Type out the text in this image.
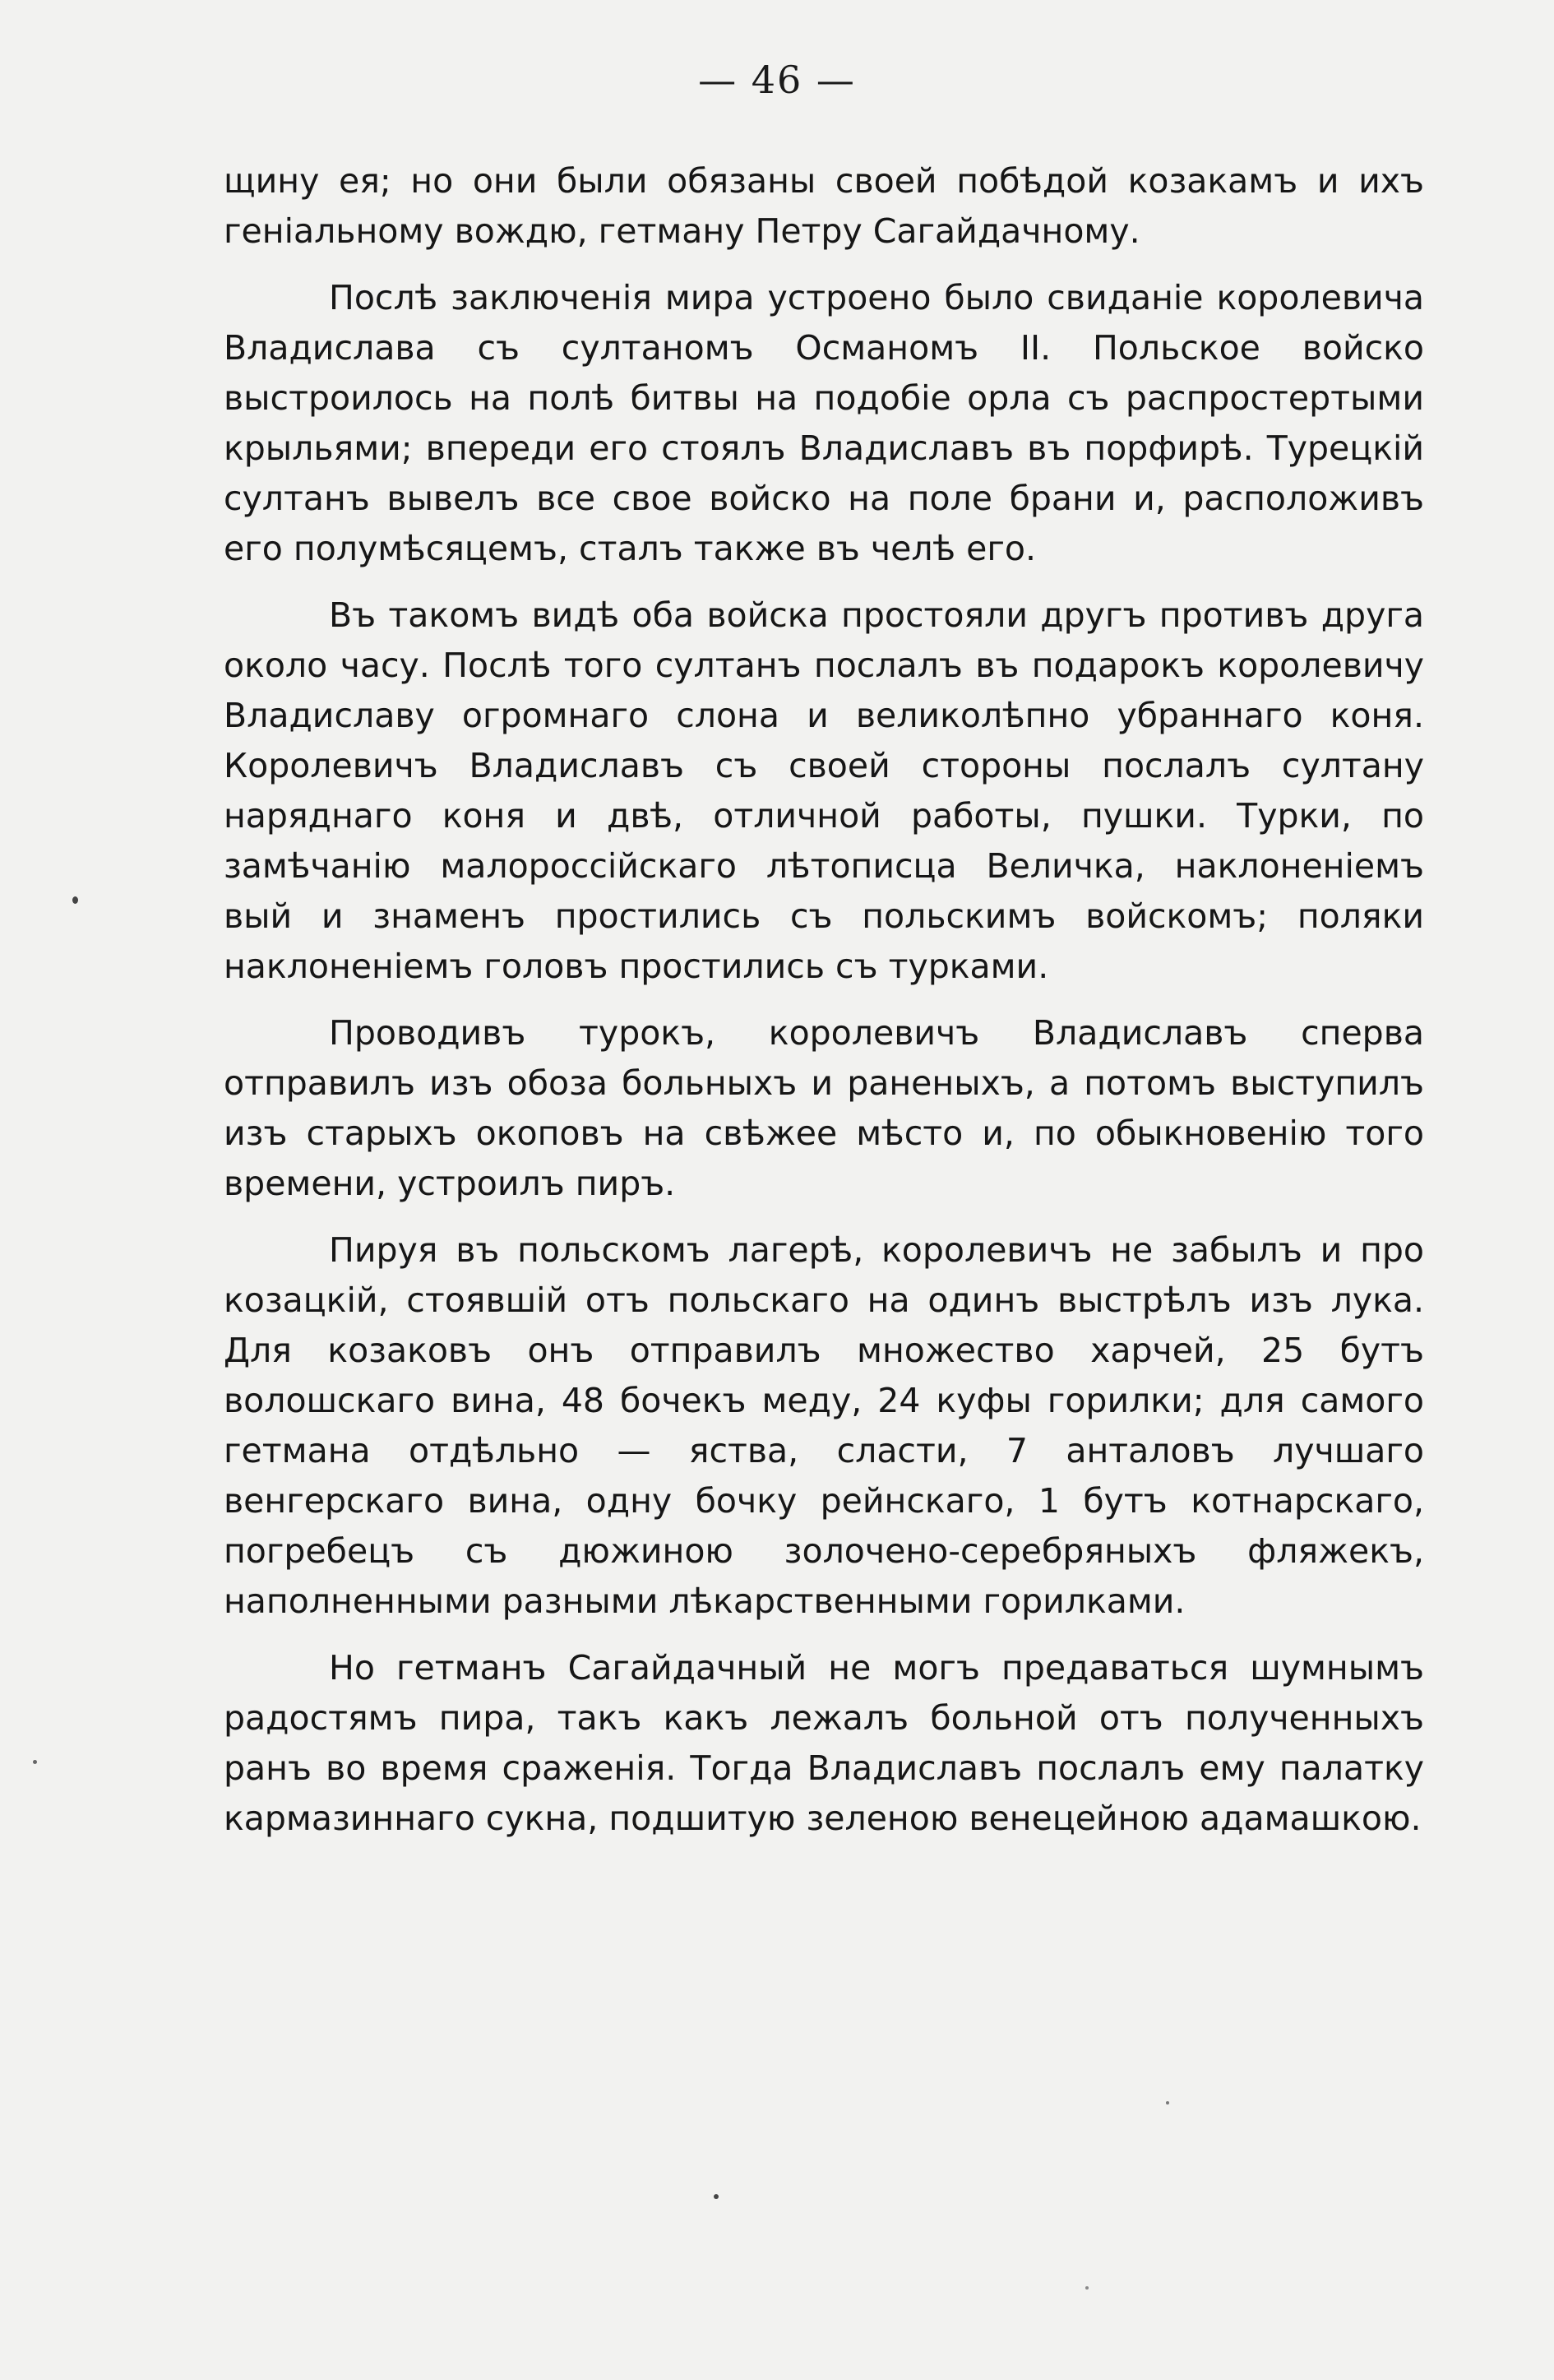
— 46 —

щину ея; но они были обязаны своей побѣдой козакамъ и ихъ геніальному вождю, гетману Петру Сагайдачному.

Послѣ заключенія мира устроено было свиданіе королевича Владислава съ султаномъ Османомъ II. Польское войско выстроилось на полѣ битвы на подобіе орла съ распростертыми крыльями; впереди его стоялъ Владиславъ въ порфирѣ. Турецкій султанъ вывелъ все свое войско на поле брани и, расположивъ его полумѣсяцемъ, сталъ также въ челѣ его.

Въ такомъ видѣ оба войска простояли другъ противъ друга около часу. Послѣ того султанъ послалъ въ подарокъ королевичу Владиславу огромнаго слона и великолѣпно убраннаго коня. Королевичъ Владиславъ съ своей стороны послалъ султану наряднаго коня и двѣ, отличной работы, пушки. Турки, по замѣчанію малороссійскаго лѣтописца Величка, наклоненіемъ вый и знаменъ простились съ польскимъ войскомъ; поляки наклоненіемъ головъ простились съ турками.

Проводивъ турокъ, королевичъ Владиславъ сперва отправилъ изъ обоза больныхъ и раненыхъ, а потомъ выступилъ изъ старыхъ окоповъ на свѣжее мѣсто и, по обыкновенію того времени, устроилъ пиръ.

Пируя въ польскомъ лагерѣ, королевичъ не забылъ и про козацкій, стоявшій отъ польскаго на одинъ выстрѣлъ изъ лука. Для козаковъ онъ отправилъ множество харчей, 25 бутъ волошскаго вина, 48 бочекъ меду, 24 куфы горилки; для самого гетмана отдѣльно — яства, сласти, 7 анталовъ лучшаго венгерскаго вина, одну бочку рейнскаго, 1 бутъ котнарскаго, погребецъ съ дюжиною золочено-серебряныхъ фляжекъ, наполненными разными лѣкарственными горилками.

Но гетманъ Сагайдачный не могъ предаваться шумнымъ радостямъ пира, такъ какъ лежалъ больной отъ полученныхъ ранъ во время сраженія. Тогда Владиславъ послалъ ему палатку кармазиннаго сукна, подшитую зеленою венецейною адамашкою.
